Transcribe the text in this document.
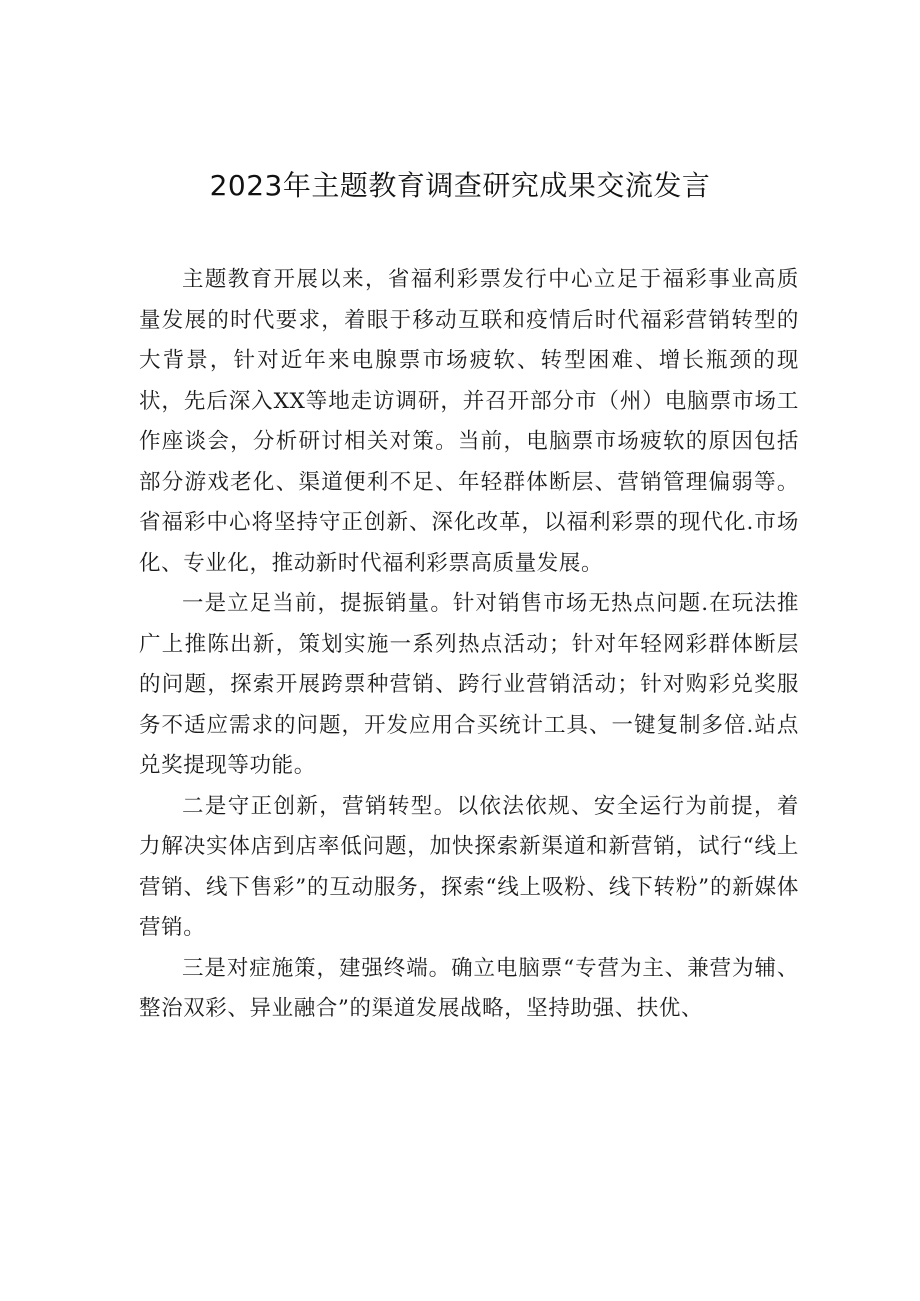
2023年主题教育调查研究成果交流发言

主题教育开展以来，省福利彩票发行中心立足于福彩事业高质量发展的时代要求，着眼于移动互联和疫情后时代福彩营销转型的大背景，针对近年来电腺票市场疲软、转型困难、增长瓶颈的现状，先后深入XX等地走访调研，并召开部分市（州）电脑票市场工作座谈会，分析研讨相关对策。当前，电脑票市场疲软的原因包括部分游戏老化、渠道便利不足、年轻群体断层、营销管理偏弱等。省福彩中心将坚持守正创新、深化改革，以福利彩票的现代化.市场化、专业化，推动新时代福利彩票高质量发展。

一是立足当前，提振销量。针对销售市场无热点问题.在玩法推广上推陈出新，策划实施一系列热点活动；针对年轻网彩群体断层的问题，探索开展跨票种营销、跨行业营销活动；针对购彩兑奖服务不适应需求的问题，开发应用合买统计工具、一键复制多倍.站点兑奖提现等功能。

二是守正创新，营销转型。以依法依规、安全运行为前提，着力解决实体店到店率低问题，加快探索新渠道和新营销，试行“线上营销、线下售彩”的互动服务，探索“线上吸粉、线下转粉”的新媒体营销。

三是对症施策，建强终端。确立电脑票“专营为主、兼营为辅、整治双彩、异业融合”的渠道发展战略，坚持助强、扶优、
